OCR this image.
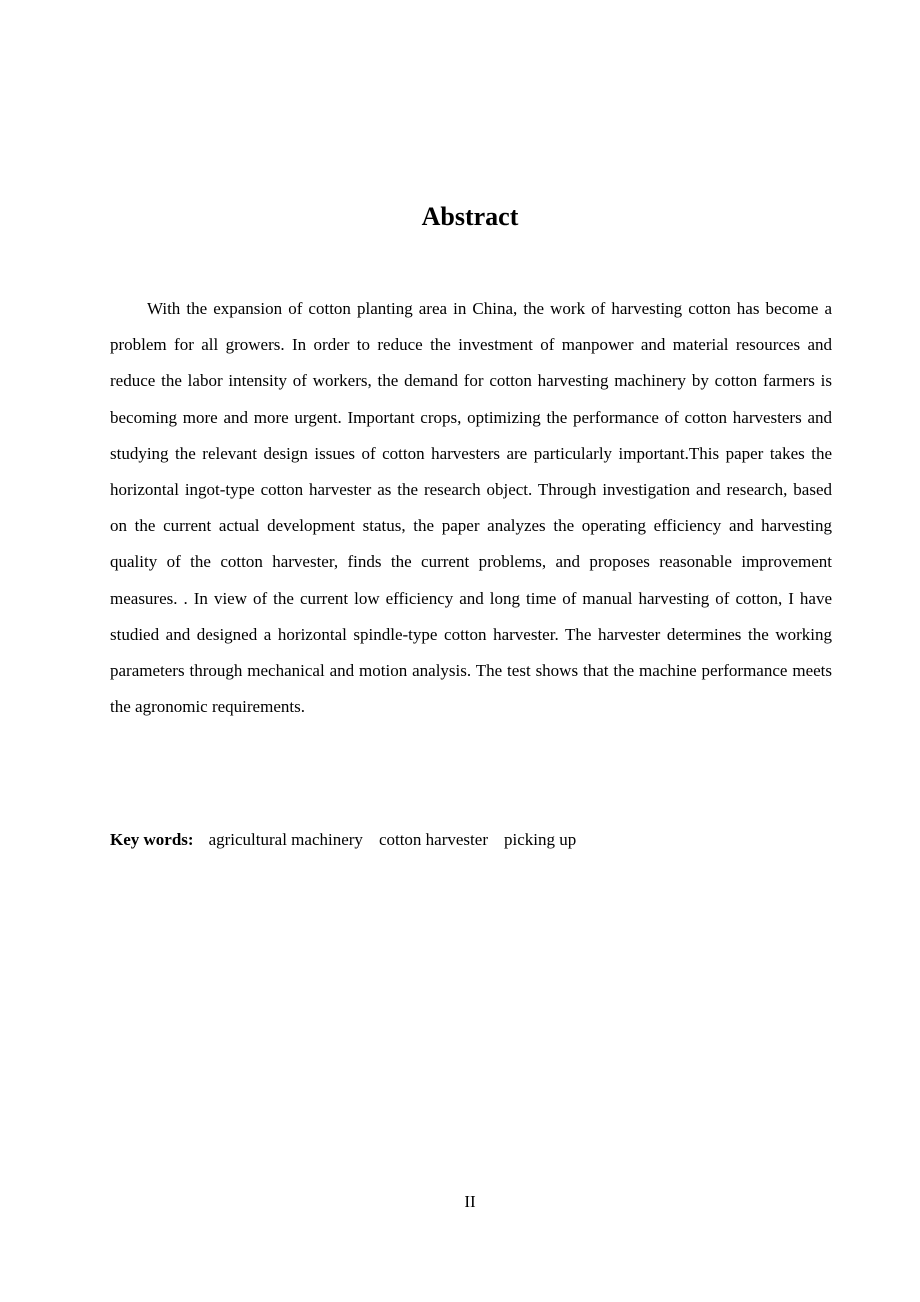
Abstract

With the expansion of cotton planting area in China, the work of harvesting cotton has become a problem for all growers. In order to reduce the investment of manpower and material resources and reduce the labor intensity of workers, the demand for cotton harvesting machinery by cotton farmers is becoming more and more urgent. Important crops, optimizing the performance of cotton harvesters and studying the relevant design issues of cotton harvesters are particularly important.This paper takes the horizontal ingot-type cotton harvester as the research object. Through investigation and research, based on the current actual development status, the paper analyzes the operating efficiency and harvesting quality of the cotton harvester, finds the current problems, and proposes reasonable improvement measures. . In view of the current low efficiency and long time of manual harvesting of cotton, I have studied and designed a horizontal spindle-type cotton harvester. The harvester determines the working parameters through mechanical and motion analysis. The test shows that the machine performance meets the agronomic requirements.

Key words: agricultural machinery cotton harvester picking up

II
